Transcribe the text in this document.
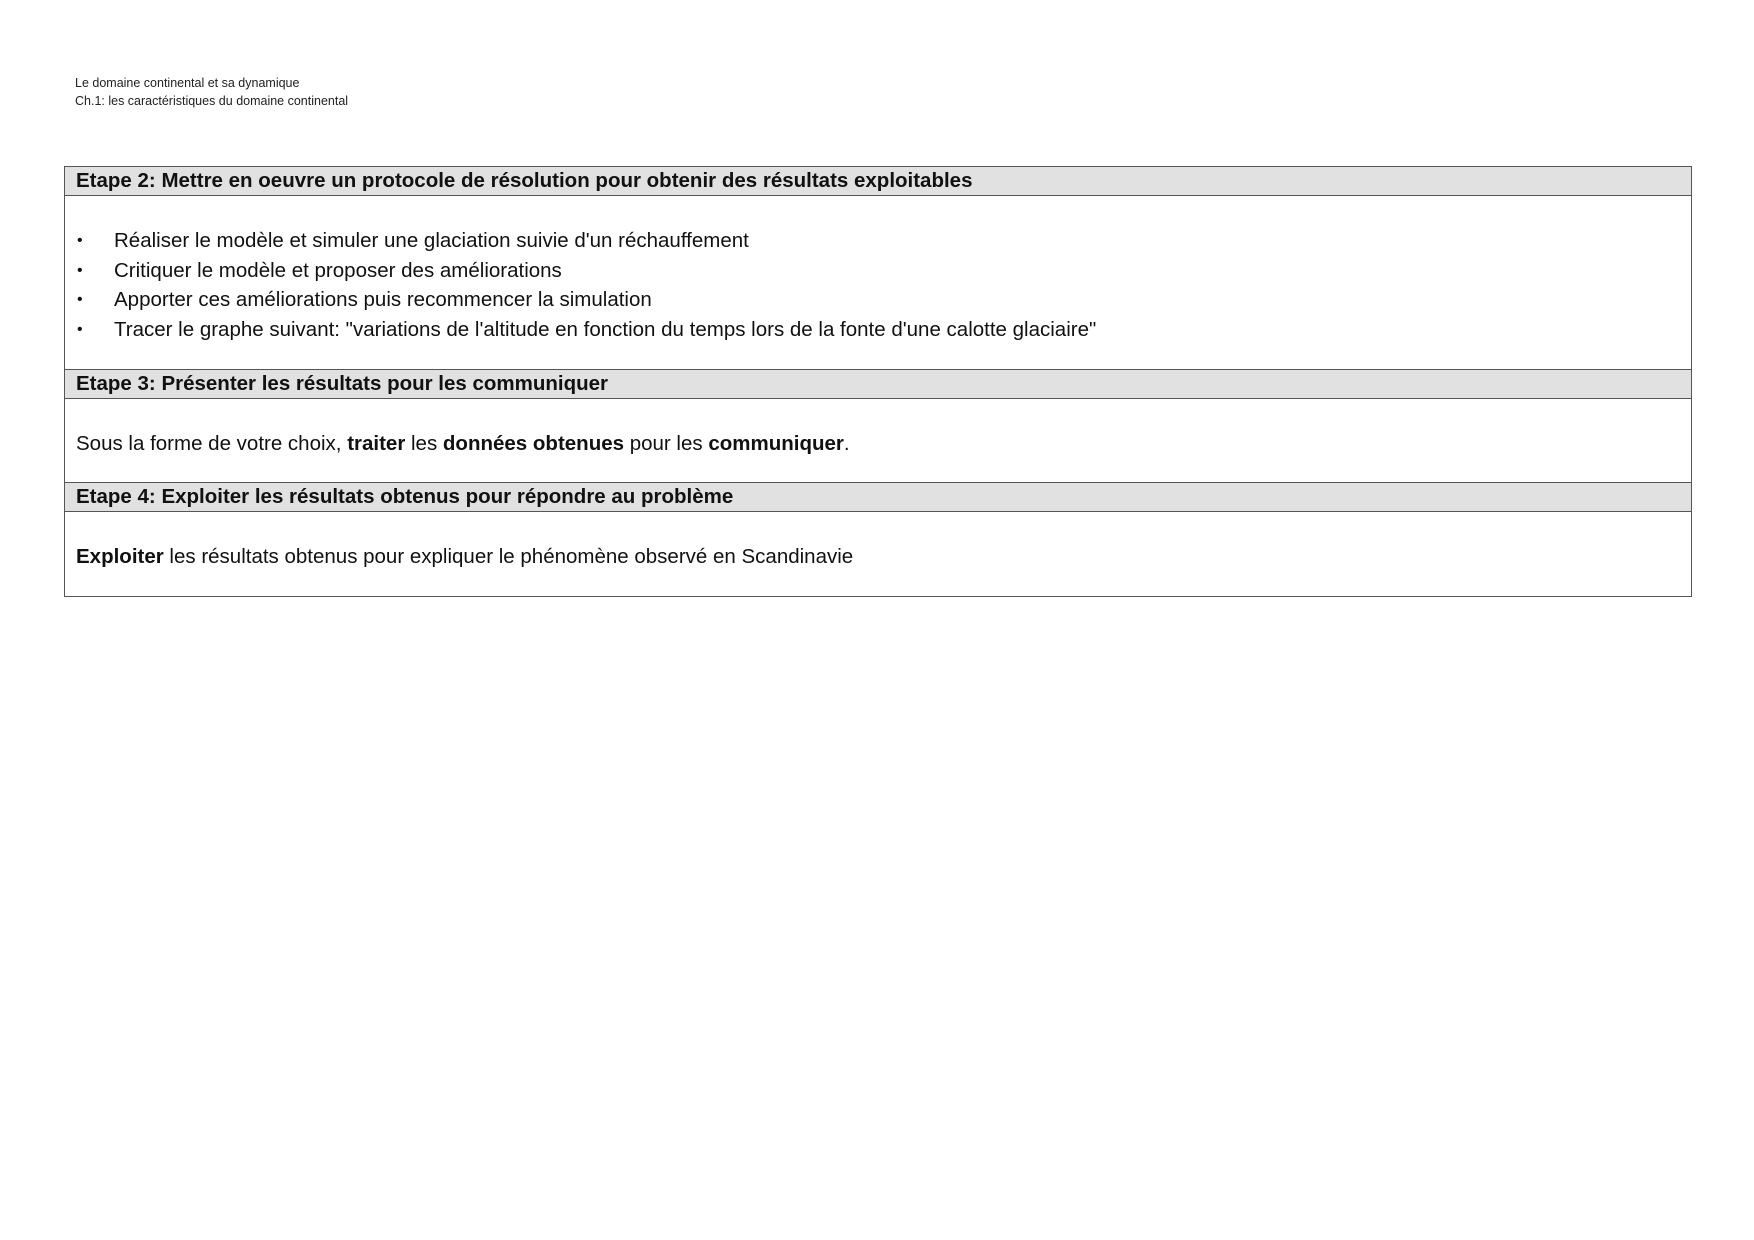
Le domaine continental et sa dynamique
Ch.1: les caractéristiques du domaine continental
Etape 2: Mettre en oeuvre un protocole de résolution pour obtenir des résultats exploitables
• Réaliser le modèle et simuler une glaciation suivie d'un réchauffement
• Critiquer le modèle et proposer des améliorations
• Apporter ces améliorations puis recommencer la simulation
• Tracer le graphe suivant: "variations de l'altitude en fonction du temps lors de la fonte d'une calotte glaciaire"
Etape 3: Présenter les résultats pour les communiquer
Sous la forme de votre choix, traiter les données obtenues pour les communiquer.
Etape 4: Exploiter les résultats obtenus pour répondre au problème
Exploiter les résultats obtenus pour expliquer le phénomène observé en Scandinavie
